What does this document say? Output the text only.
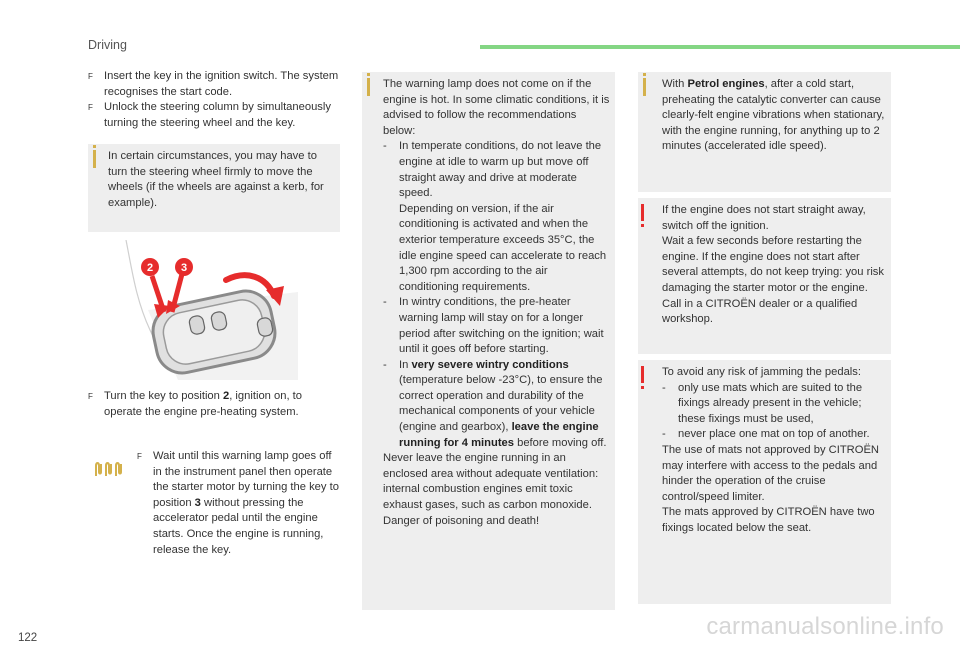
Driving
F Insert the key in the ignition switch. The system recognises the start code.
F Unlock the steering column by simultaneously turning the steering wheel and the key.
In certain circumstances, you may have to turn the steering wheel firmly to move the wheels (if the wheels are against a kerb, for example).
2	3
F Turn the key to position 2, ignition on, to operate the engine pre-heating system.
F Wait until this warning lamp goes off in the instrument panel then operate the starter motor by turning the key to position 3 without pressing the accelerator pedal until the engine starts. Once the engine is running, release the key.
The warning lamp does not come on if the engine is hot. In some climatic conditions, it is advised to follow the recommendations below:
- In temperate conditions, do not leave the engine at idle to warm up but move off straight away and drive at moderate speed.
Depending on version, if the air conditioning is activated and when the exterior temperature exceeds 35°C, the idle engine speed can accelerate to reach 1,300 rpm according to the air conditioning requirements.
- In wintry conditions, the pre-heater warning lamp will stay on for a longer period after switching on the ignition; wait until it goes off before starting.
- In very severe wintry conditions (temperature below -23°C), to ensure the correct operation and durability of the mechanical components of your vehicle (engine and gearbox), leave the engine running for 4 minutes before moving off.
Never leave the engine running in an enclosed area without adequate ventilation: internal combustion engines emit toxic exhaust gases, such as carbon monoxide. Danger of poisoning and death!
With Petrol engines, after a cold start, preheating the catalytic converter can cause clearly-felt engine vibrations when stationary, with the engine running, for anything up to 2 minutes (accelerated idle speed).
If the engine does not start straight away, switch off the ignition.
Wait a few seconds before restarting the engine. If the engine does not start after several attempts, do not keep trying: you risk damaging the starter motor or the engine.
Call in a CITROËN dealer or a qualified workshop.
To avoid any risk of jamming the pedals:
- only use mats which are suited to the fixings already present in the vehicle; these fixings must be used,
- never place one mat on top of another.
The use of mats not approved by CITROËN may interfere with access to the pedals and hinder the operation of the cruise control/speed limiter.
The mats approved by CITROËN have two fixings located below the seat.
122	carmanualsonline.info
